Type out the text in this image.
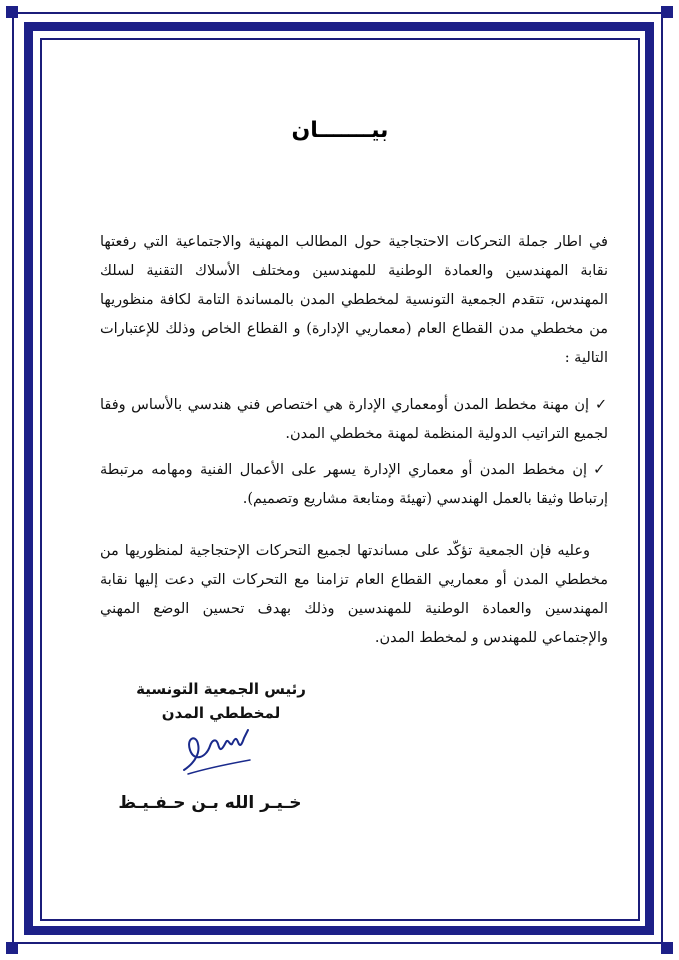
بيـــــــان

في اطار جملة التحركات الاحتجاجية حول المطالب المهنية والاجتماعية التي رفعتها نقابة المهندسين والعمادة الوطنية للمهندسين ومختلف الأسلاك التقنية لسلك المهندس، تتقدم الجمعية التونسية لمخططي المدن بالمساندة التامة لكافة منظوريها من مخططي مدن القطاع العام (معماريي الإدارة) و القطاع الخاص وذلك للإعتبارات التالية :

✓إن مهنة مخطط المدن أومعماري الإدارة هي اختصاص فني هندسي بالأساس وفقا لجميع التراتيب الدولية المنظمة لمهنة مخططي المدن.

✓إن مخطط المدن أو معماري الإدارة يسهر على الأعمال الفنية ومهامه مرتبطة إرتباطا وثيقا بالعمل الهندسي (تهيئة ومتابعة مشاريع وتصميم).

وعليه فإن الجمعية تؤكّد على مساندتها لجميع التحركات الإحتجاجية لمنظوريها من مخططي المدن أو معماريي القطاع العام تزامنا مع التحركات التي دعت إليها نقابة المهندسين والعمادة الوطنية للمهندسين وذلك بهدف تحسين الوضع المهني والإجتماعي للمهندس و لمخطط المدن.

رئيس الجمعية التونسية
لمخططي المدن
خـيـر الله بـن حـفـيـظ
